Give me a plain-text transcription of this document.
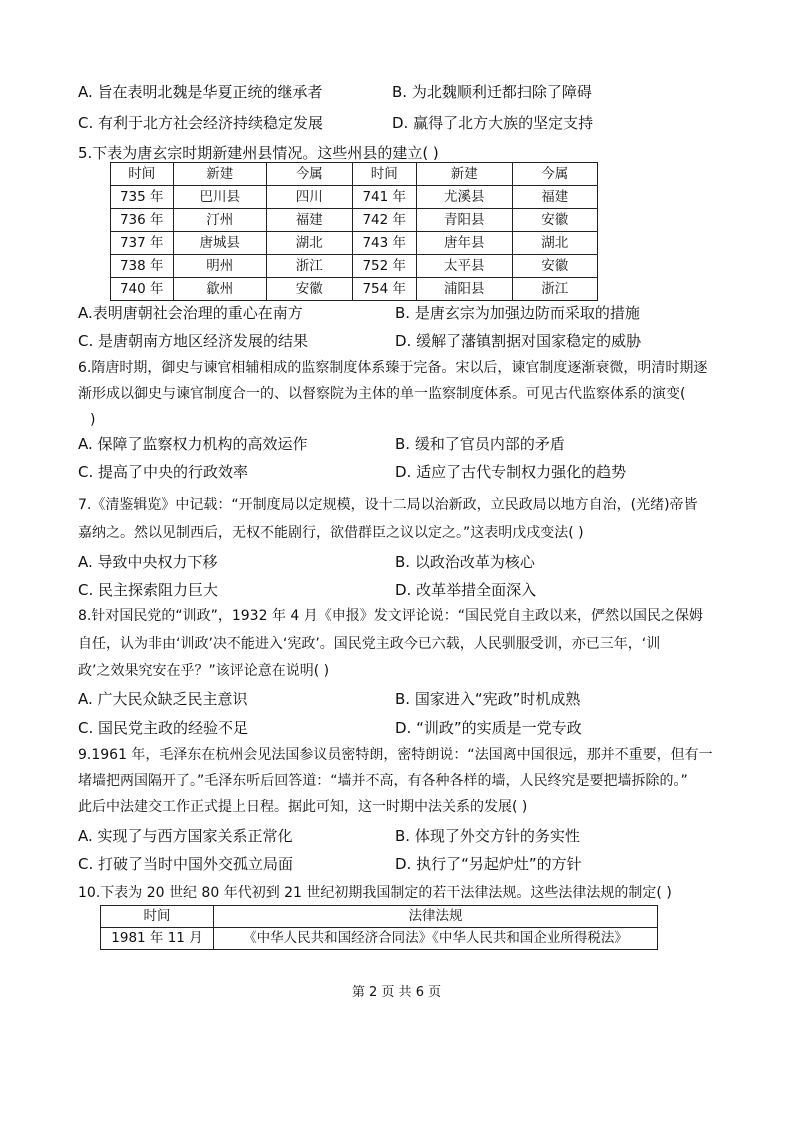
A. 旨在表明北魏是华夏正统的继承者	B. 为北魏顺利迁都扫除了障碍
C. 有利于北方社会经济持续稳定发展	D. 赢得了北方大族的坚定支持
5.下表为唐玄宗时期新建州县情况。这些州县的建立( )
时间	新建	今属	时间	新建	今属
735 年	巴川县	四川	741 年	尤溪县	福建
736 年	汀州	福建	742 年	青阳县	安徽
737 年	唐城县	湖北	743 年	唐年县	湖北
738 年	明州	浙江	752 年	太平县	安徽
740 年	歙州	安徽	754 年	浦阳县	浙江
A.表明唐朝社会治理的重心在南方	B. 是唐玄宗为加强边防而采取的措施
C. 是唐朝南方地区经济发展的结果	D. 缓解了藩镇割据对国家稳定的威胁
6.隋唐时期，御史与谏官相辅相成的监察制度体系臻于完备。宋以后，谏官制度逐渐衰微，明清时期逐
渐形成以御史与谏官制度合一的、以督察院为主体的单一监察制度体系。可见古代监察体系的演变(
)
A. 保障了监察权力机构的高效运作	B. 缓和了官员内部的矛盾
C. 提高了中央的行政效率	D. 适应了古代专制权力强化的趋势
7.《清鉴辑览》中记载：“开制度局以定规模，设十二局以治新政，立民政局以地方自治，(光绪)帝皆
嘉纳之。然以见制西后，无权不能剧行，欲借群臣之议以定之。”这表明戊戌变法( )
A. 导致中央权力下移	B. 以政治改革为核心
C. 民主探索阻力巨大	D. 改革举措全面深入
8.针对国民党的“训政”，1932 年 4 月《申报》发文评论说：“国民党自主政以来，俨然以国民之保姆
自任，认为非由‘训政’决不能进入‘宪政’。国民党主政今已六载，人民驯服受训，亦已三年，‘训
政’之效果究安在乎？”该评论意在说明( )
A. 广大民众缺乏民主意识	B. 国家进入“宪政”时机成熟
C. 国民党主政的经验不足	D. “训政”的实质是一党专政
9.1961 年，毛泽东在杭州会见法国参议员密特朗，密特朗说：“法国离中国很远，那并不重要，但有一
堵墙把两国隔开了。”毛泽东听后回答道：“墙并不高，有各种各样的墙，人民终究是要把墙拆除的。”
此后中法建交工作正式提上日程。据此可知，这一时期中法关系的发展( )
A. 实现了与西方国家关系正常化	B. 体现了外交方针的务实性
C. 打破了当时中国外交孤立局面	D. 执行了“另起炉灶”的方针
10.下表为 20 世纪 80 年代初到 21 世纪初期我国制定的若干法律法规。这些法律法规的制定( )
时间	法律法规
1981 年 11 月	《中华人民共和国经济合同法》《中华人民共和国企业所得税法》
第 2 页 共 6 页
